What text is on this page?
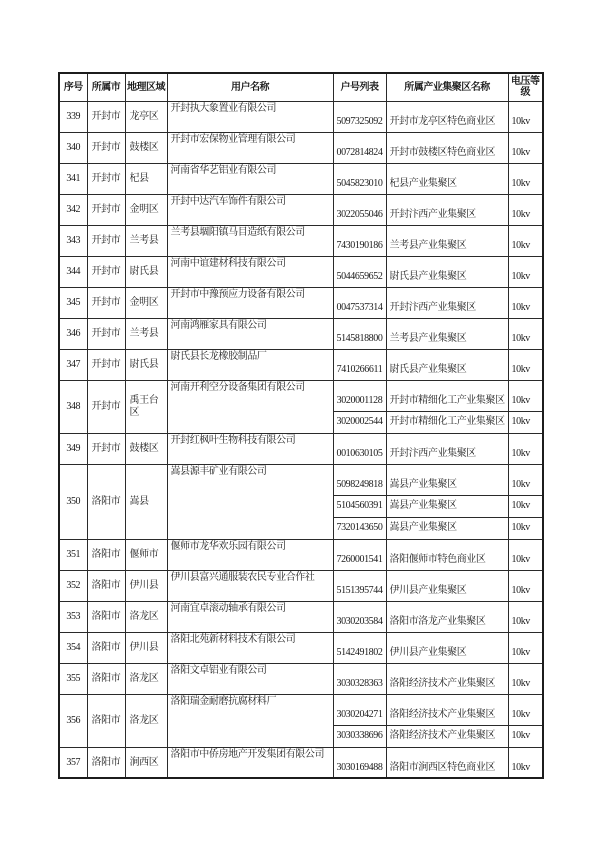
序号	所属市	地理区域	用户名称	户号列表	所属产业集聚区名称	电压等级
339	开封市	龙亭区	开封执大象置业有限公司	5097325092	开封市龙亭区特色商业区	10kv
340	开封市	鼓楼区	开封市宏保物业管理有限公司	0072814824	开封市鼓楼区特色商业区	10kv
341	开封市	杞县	河南省华艺铝业有限公司	5045823010	杞县产业集聚区	10kv
342	开封市	金明区	开封中达汽车饰件有限公司	3022055046	开封汴西产业集聚区	10kv
343	开封市	兰考县	兰考县堌阳镇马目造纸有限公司	7430190186	兰考县产业集聚区	10kv
344	开封市	尉氏县	河南中谊建材科技有限公司	5044659652	尉氏县产业集聚区	10kv
345	开封市	金明区	开封市中豫预应力设备有限公司	0047537314	开封汴西产业集聚区	10kv
346	开封市	兰考县	河南鸿雁家具有限公司	5145818800	兰考县产业集聚区	10kv
347	开封市	尉氏县	尉氏县长龙橡胶制品厂	7410266611	尉氏县产业集聚区	10kv
348	开封市	禹王台区	河南开利空分设备集团有限公司	3020001128	开封市精细化工产业集聚区	10kv
				3020002544	开封市精细化工产业集聚区	10kv
349	开封市	鼓楼区	开封红枫叶生物科技有限公司	0010630105	开封汴西产业集聚区	10kv
350	洛阳市	嵩县	嵩县源丰矿业有限公司	5098249818	嵩县产业集聚区	10kv
				5104560391	嵩县产业集聚区	10kv
				7320143650	嵩县产业集聚区	10kv
351	洛阳市	偃师市	偃师市龙华欢乐园有限公司	7260001541	洛阳偃师市特色商业区	10kv
352	洛阳市	伊川县	伊川县富兴通服装农民专业合作社	5151395744	伊川县产业集聚区	10kv
353	洛阳市	洛龙区	河南宜卓滚动轴承有限公司	3030203584	洛阳市洛龙产业集聚区	10kv
354	洛阳市	伊川县	洛阳北苑新材料技术有限公司	5142491802	伊川县产业集聚区	10kv
355	洛阳市	洛龙区	洛阳文卓铝业有限公司	3030328363	洛阳经济技术产业集聚区	10kv
356	洛阳市	洛龙区	洛阳瑞金耐磨抗腐材料厂	3030204271	洛阳经济技术产业集聚区	10kv
				3030338696	洛阳经济技术产业集聚区	10kv
357	洛阳市	涧西区	洛阳市中侨房地产开发集团有限公司	3030169488	洛阳市涧西区特色商业区	10kv
